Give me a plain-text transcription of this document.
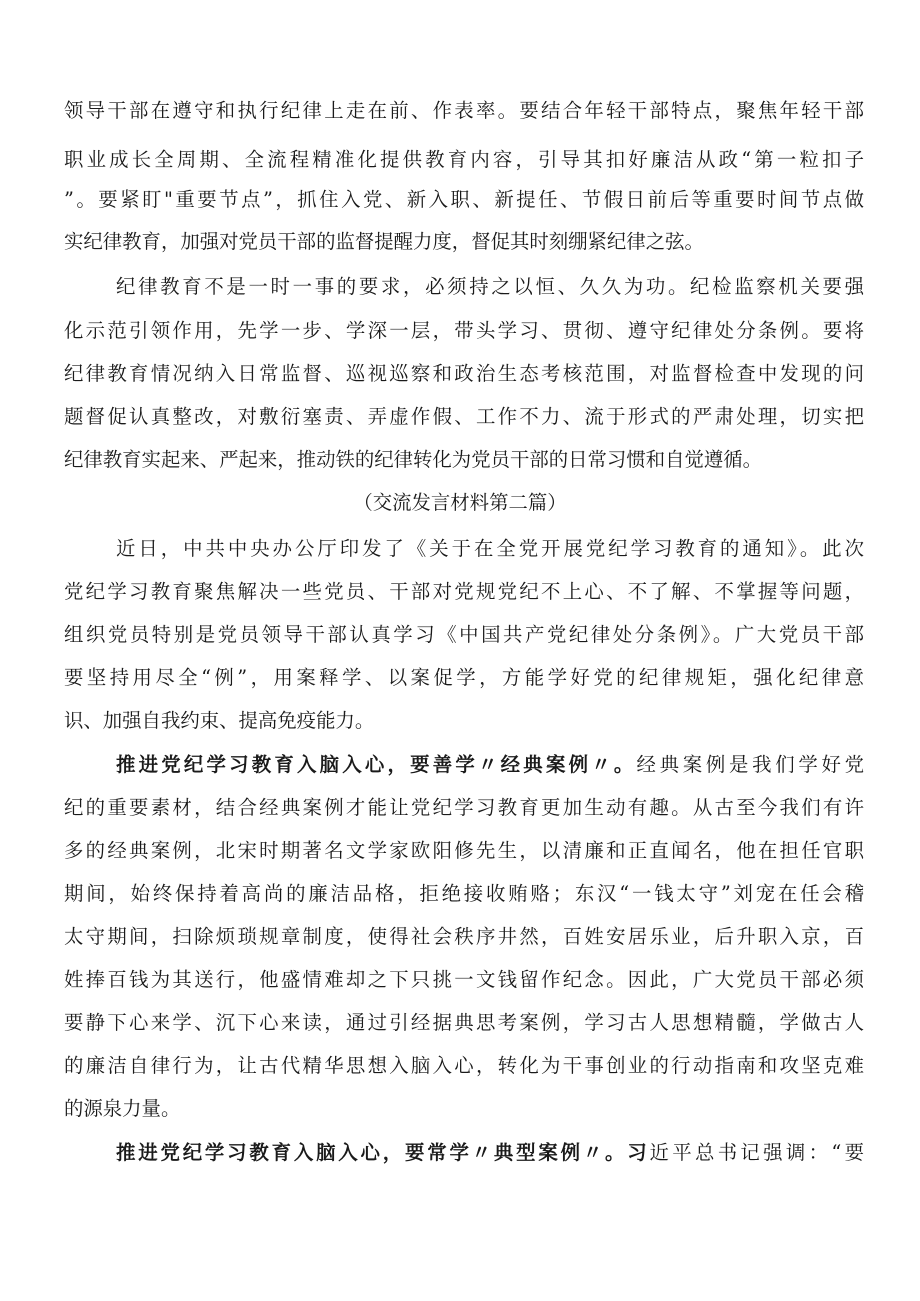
领导干部在遵守和执行纪律上走在前、作表率。要结合年轻干部特点，聚焦年轻干部
职业成长全周期、全流程精准化提供教育内容，引导其扣好廉洁从政“第一粒扣子
”。要紧盯"重要节点”，抓住入党、新入职、新提任、节假日前后等重要时间节点做
实纪律教育，加强对党员干部的监督提醒力度，督促其时刻绷紧纪律之弦。
纪律教育不是一时一事的要求，必须持之以恒、久久为功。纪检监察机关要强
化示范引领作用，先学一步、学深一层，带头学习、贯彻、遵守纪律处分条例。要将
纪律教育情况纳入日常监督、巡视巡察和政治生态考核范围，对监督检查中发现的问
题督促认真整改，对敷衍塞责、弄虚作假、工作不力、流于形式的严肃处理，切实把
纪律教育实起来、严起来，推动铁的纪律转化为党员干部的日常习惯和自觉遵循。
（交流发言材料第二篇）
近日，中共中央办公厅印发了《关于在全党开展党纪学习教育的通知》。此次
党纪学习教育聚焦解决一些党员、干部对党规党纪不上心、不了解、不掌握等问题，
组织党员特别是党员领导干部认真学习《中国共产党纪律处分条例》。广大党员干部
要坚持用尽全“例”，用案释学、以案促学，方能学好党的纪律规矩，强化纪律意
识、加强自我约束、提高免疫能力。
推进党纪学习教育入脑入心，要善学〃经典案例〃。经典案例是我们学好党
纪的重要素材，结合经典案例才能让党纪学习教育更加生动有趣。从古至今我们有许
多的经典案例，北宋时期著名文学家欧阳修先生，以清廉和正直闻名，他在担任官职
期间，始终保持着高尚的廉洁品格，拒绝接收贿赂；东汉“一钱太守”刘宠在任会稽
太守期间，扫除烦琐规章制度，使得社会秩序井然，百姓安居乐业，后升职入京，百
姓捧百钱为其送行，他盛情难却之下只挑一文钱留作纪念。因此，广大党员干部必须
要静下心来学、沉下心来读，通过引经据典思考案例，学习古人思想精髓，学做古人
的廉洁自律行为，让古代精华思想入脑入心，转化为干事创业的行动指南和攻坚克难
的源泉力量。
推进党纪学习教育入脑入心，要常学〃典型案例〃。习近平总书记强调：“要
